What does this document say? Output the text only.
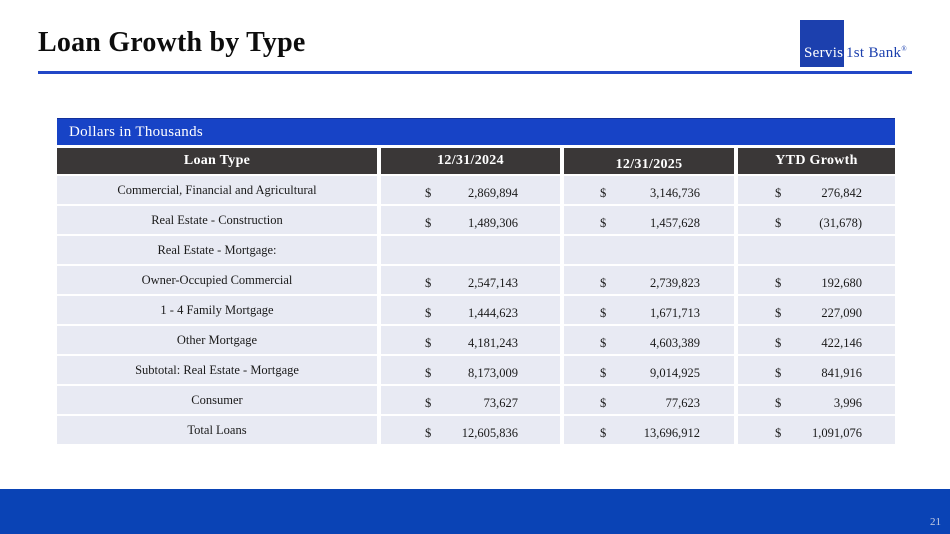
Loan Growth by Type	Servis 1st Bank®
Dollars in Thousands
Loan Type	12/31/2024	12/31/2025	YTD Growth
Commercial, Financial and Agricultural	$	2,869,894	$	3,146,736	$	276,842
Real Estate - Construction	$	1,489,306	$	1,457,628	$	(31,678)
Real Estate - Mortgage:
Owner-Occupied Commercial	$	2,547,143	$	2,739,823	$	192,680
1 - 4 Family Mortgage	$	1,444,623	$	1,671,713	$	227,090
Other Mortgage	$	4,181,243	$	4,603,389	$	422,146
Subtotal: Real Estate - Mortgage	$	8,173,009	$	9,014,925	$	841,916
Consumer	$	73,627	$	77,623	$	3,996
Total Loans	$ 12,605,836	$	13,696,912	$ 1,091,076
21
